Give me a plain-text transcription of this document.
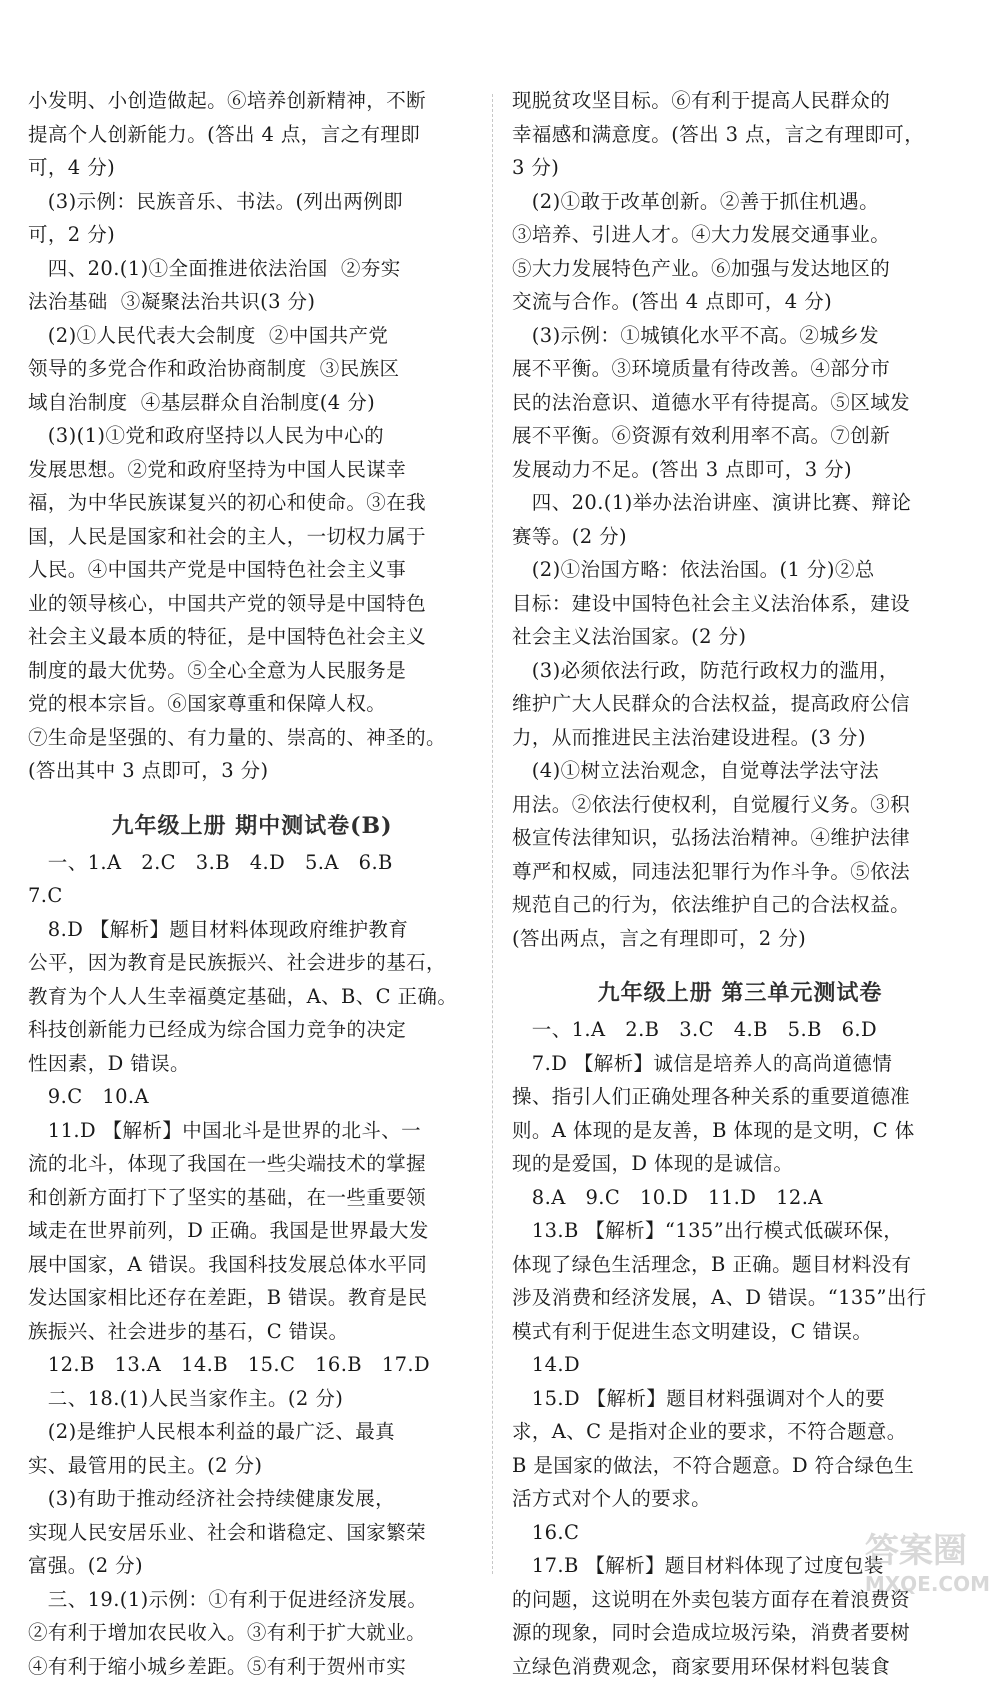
小发明、小创造做起。⑥培养创新精神，不断
提高个人创新能力。(答出 4 点，言之有理即
可，4 分)
(3)示例：民族音乐、书法。(列出两例即
可，2 分)
四、20.(1)①全面推进依法治国  ②夯实
法治基础  ③凝聚法治共识(3 分)
(2)①人民代表大会制度  ②中国共产党
领导的多党合作和政治协商制度  ③民族区
域自治制度  ④基层群众自治制度(4 分)
(3)(1)①党和政府坚持以人民为中心的
发展思想。②党和政府坚持为中国人民谋幸
福，为中华民族谋复兴的初心和使命。③在我
国，人民是国家和社会的主人，一切权力属于
人民。④中国共产党是中国特色社会主义事
业的领导核心，中国共产党的领导是中国特色
社会主义最本质的特征，是中国特色社会主义
制度的最大优势。⑤全心全意为人民服务是
党的根本宗旨。⑥国家尊重和保障人权。
⑦生命是坚强的、有力量的、崇高的、神圣的。
(答出其中 3 点即可，3 分)
九年级上册 期中测试卷(B)
一、1.A   2.C   3.B   4.D   5.A   6.B
7.C
8.D 【解析】题目材料体现政府维护教育
公平，因为教育是民族振兴、社会进步的基石，
教育为个人人生幸福奠定基础，A、B、C 正确。
科技创新能力已经成为综合国力竞争的决定
性因素，D 错误。
9.C   10.A
11.D 【解析】中国北斗是世界的北斗、一
流的北斗，体现了我国在一些尖端技术的掌握
和创新方面打下了坚实的基础，在一些重要领
域走在世界前列，D 正确。我国是世界最大发
展中国家，A 错误。我国科技发展总体水平同
发达国家相比还存在差距，B 错误。教育是民
族振兴、社会进步的基石，C 错误。
12.B   13.A   14.B   15.C   16.B   17.D
二、18.(1)人民当家作主。(2 分)
(2)是维护人民根本利益的最广泛、最真
实、最管用的民主。(2 分)
(3)有助于推动经济社会持续健康发展，
实现人民安居乐业、社会和谐稳定、国家繁荣
富强。(2 分)
三、19.(1)示例：①有利于促进经济发展。
②有利于增加农民收入。③有利于扩大就业。
④有利于缩小城乡差距。⑤有利于贺州市实
现脱贫攻坚目标。⑥有利于提高人民群众的
幸福感和满意度。(答出 3 点，言之有理即可，
3 分)
(2)①敢于改革创新。②善于抓住机遇。
③培养、引进人才。④大力发展交通事业。
⑤大力发展特色产业。⑥加强与发达地区的
交流与合作。(答出 4 点即可，4 分)
(3)示例：①城镇化水平不高。②城乡发
展不平衡。③环境质量有待改善。④部分市
民的法治意识、道德水平有待提高。⑤区域发
展不平衡。⑥资源有效利用率不高。⑦创新
发展动力不足。(答出 3 点即可，3 分)
四、20.(1)举办法治讲座、演讲比赛、辩论
赛等。(2 分)
(2)①治国方略：依法治国。(1 分)②总
目标：建设中国特色社会主义法治体系，建设
社会主义法治国家。(2 分)
(3)必须依法行政，防范行政权力的滥用，
维护广大人民群众的合法权益，提高政府公信
力，从而推进民主法治建设进程。(3 分)
(4)①树立法治观念，自觉尊法学法守法
用法。②依法行使权利，自觉履行义务。③积
极宣传法律知识，弘扬法治精神。④维护法律
尊严和权威，同违法犯罪行为作斗争。⑤依法
规范自己的行为，依法维护自己的合法权益。
(答出两点，言之有理即可，2 分)
九年级上册 第三单元测试卷
一、1.A   2.B   3.C   4.B   5.B   6.D
7.D 【解析】诚信是培养人的高尚道德情
操、指引人们正确处理各种关系的重要道德准
则。A 体现的是友善，B 体现的是文明，C 体
现的是爱国，D 体现的是诚信。
8.A   9.C   10.D   11.D   12.A
13.B 【解析】“135”出行模式低碳环保，
体现了绿色生活理念，B 正确。题目材料没有
涉及消费和经济发展，A、D 错误。“135”出行
模式有利于促进生态文明建设，C 错误。
14.D
15.D 【解析】题目材料强调对个人的要
求，A、C 是指对企业的要求，不符合题意。
B 是国家的做法，不符合题意。D 符合绿色生
活方式对个人的要求。
16.C
17.B 【解析】题目材料体现了过度包装
的问题，这说明在外卖包装方面存在着浪费资
源的现象，同时会造成垃圾污染，消费者要树
立绿色消费观念，商家要用环保材料包装食
答案圈
MXQE.COM
